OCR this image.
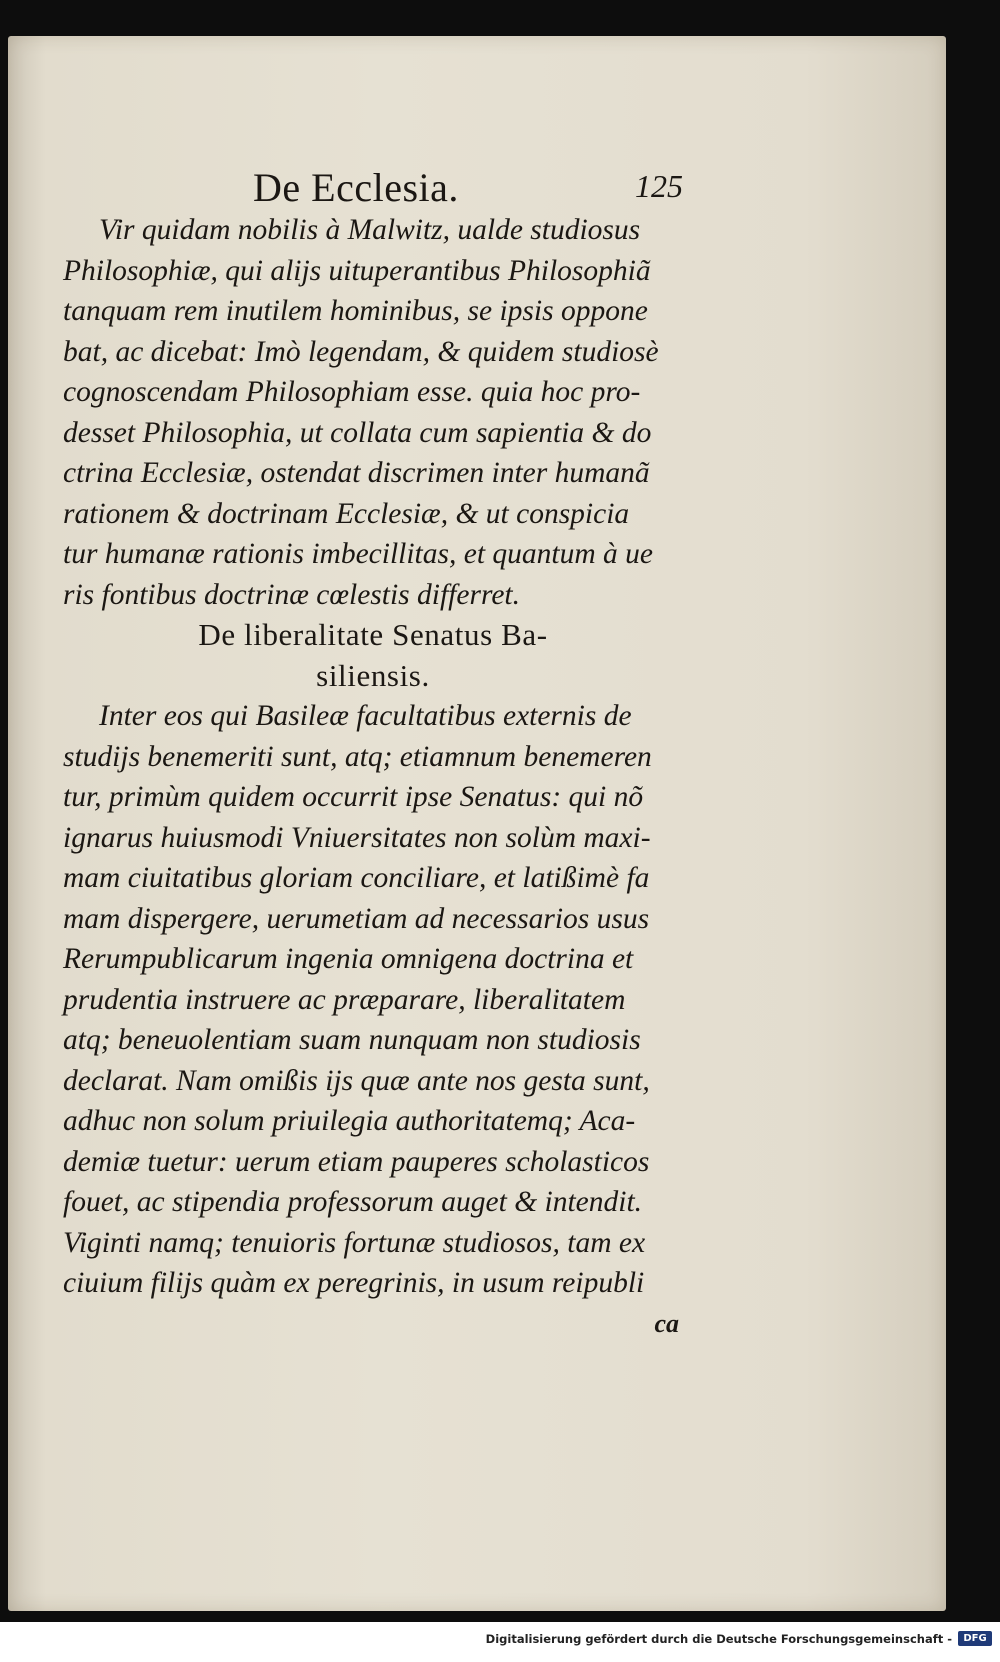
De Ecclesia.	125
Vir quidam nobilis à Malwitz, ualde studiosus
Philosophiæ, qui alijs uituperantibus Philosophiã
tanquam rem inutilem hominibus, se ipsis oppone
bat, ac dicebat: Imò legendam, & quidem studiosè
cognoscendam Philosophiam esse. quia hoc pro-
desset Philosophia, ut collata cum sapientia & do
ctrina Ecclesiæ, ostendat discrimen inter humanã
rationem & doctrinam Ecclesiæ, & ut conspicia
tur humanæ rationis imbecillitas, et quantum à ue
ris fontibus doctrinæ cœlestis differret.
De liberalitate Senatus Ba-
siliensis.
Inter eos qui Basileæ facultatibus externis de
studijs benemeriti sunt, atq; etiamnum benemeren
tur, primùm quidem occurrit ipse Senatus: qui nõ
ignarus huiusmodi Vniuersitates non solùm maxi-
mam ciuitatibus gloriam conciliare, et latißimè fa
mam dispergere, uerumetiam ad necessarios usus
Rerumpublicarum ingenia omnigena doctrina et
prudentia instruere ac præparare, liberalitatem
atq; beneuolentiam suam nunquam non studiosis
declarat. Nam omißis ijs quæ ante nos gesta sunt,
adhuc non solum priuilegia authoritatemq; Aca-
demiæ tuetur: uerum etiam pauperes scholasticos
fouet, ac stipendia professorum auget & intendit.
Viginti namq; tenuioris fortunæ studiosos, tam ex
ciuium filijs quàm ex peregrinis, in usum reipubli
ca
Digitalisierung gefördert durch die Deutsche Forschungsgemeinschaft -	DFG
